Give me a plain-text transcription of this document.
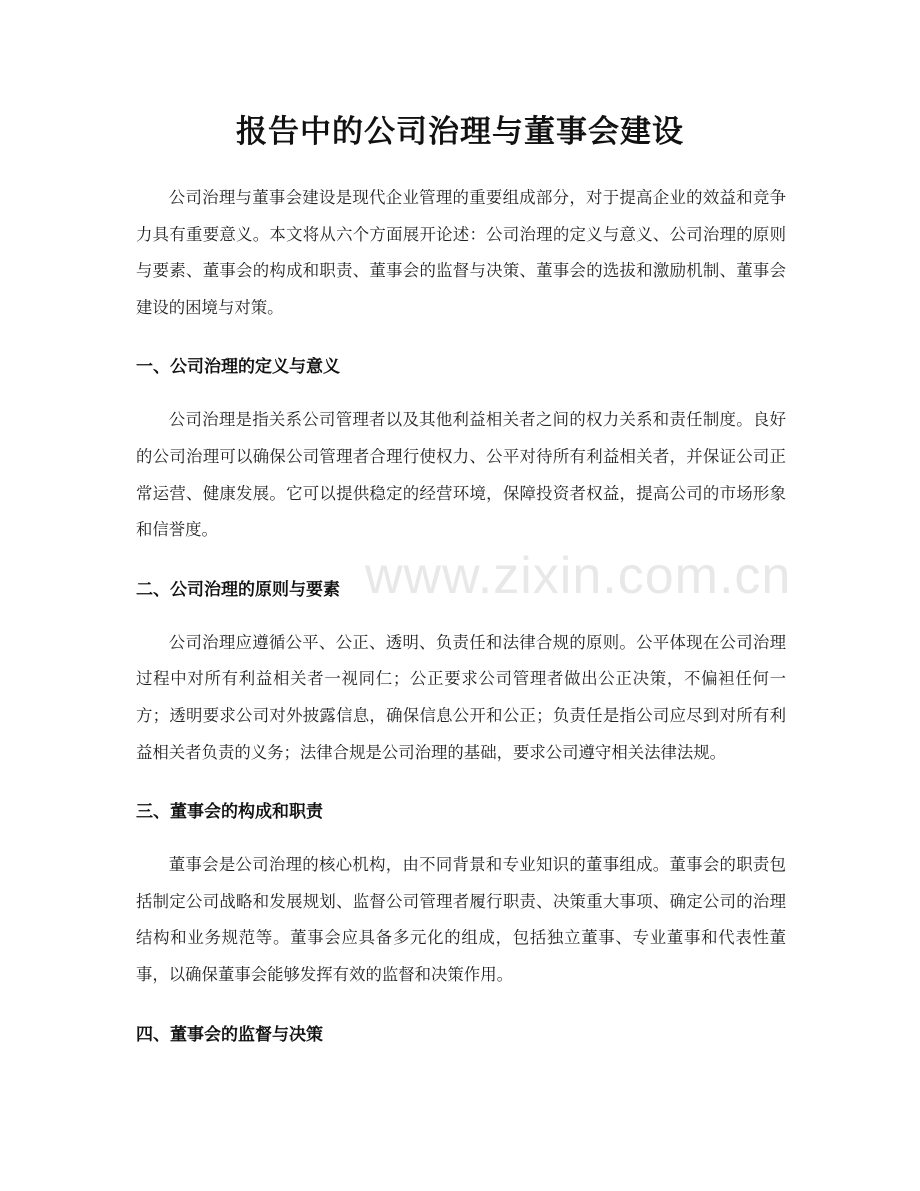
报告中的公司治理与董事会建设

公司治理与董事会建设是现代企业管理的重要组成部分，对于提高企业的效益和竞争力具有重要意义。本文将从六个方面展开论述：公司治理的定义与意义、公司治理的原则与要素、董事会的构成和职责、董事会的监督与决策、董事会的选拔和激励机制、董事会建设的困境与对策。

一、公司治理的定义与意义

公司治理是指关系公司管理者以及其他利益相关者之间的权力关系和责任制度。良好的公司治理可以确保公司管理者合理行使权力、公平对待所有利益相关者，并保证公司正常运营、健康发展。它可以提供稳定的经营环境，保障投资者权益，提高公司的市场形象和信誉度。

二、公司治理的原则与要素

公司治理应遵循公平、公正、透明、负责任和法律合规的原则。公平体现在公司治理过程中对所有利益相关者一视同仁；公正要求公司管理者做出公正决策，不偏袒任何一方；透明要求公司对外披露信息，确保信息公开和公正；负责任是指公司应尽到对所有利益相关者负责的义务；法律合规是公司治理的基础，要求公司遵守相关法律法规。

三、董事会的构成和职责

董事会是公司治理的核心机构，由不同背景和专业知识的董事组成。董事会的职责包括制定公司战略和发展规划、监督公司管理者履行职责、决策重大事项、确定公司的治理结构和业务规范等。董事会应具备多元化的组成，包括独立董事、专业董事和代表性董事，以确保董事会能够发挥有效的监督和决策作用。

四、董事会的监督与决策
www.zixin.com.cn
